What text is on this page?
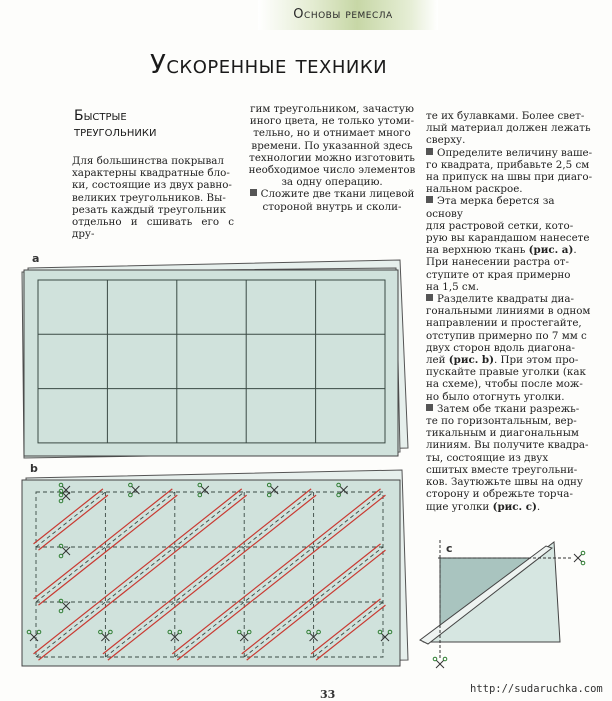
Основы ремесла
Ускоренные техники
Быстрые
треугольники

Для большинства покрывал

характерны квадратные бло-

ки, состоящие из двух равно-

великих треугольников. Вы-

резать каждый треугольник

отдельно и сшивать его с дру-

гим треугольником, зачастую

иного цвета, не только утоми-

тельно, но и отнимает много

времени. По указанной здесь

технологии можно изготовить

необходимое число элементов

за одну операцию.

Сложите две ткани лицевой

стороной внутрь и сколи-

те их булавками. Более свет-

лый материал должен лежать

сверху.

Определите величину ваше-

го квадрата, прибавьте 2,5 см

на припуск на швы при диаго-

нальном раскрое.

Эта мерка берется за основу

для растровой сетки, кото-

рую вы карандашом нанесете

на верхнюю ткань (рис. а).

При нанесении растра от-

ступите от края примерно

на 1,5 см.

Разделите квадраты диа-

гональными линиями в одном

направлении и простегайте,

отступив примерно по 7 мм с

двух сторон вдоль диагона-

лей (рис. b). При этом про-

пускайте правые уголки (как

на схеме), чтобы после мож-

но было отогнуть уголки.

Затем обе ткани разрежь-

те по горизонтальным, вер-

тикальным и диагональным

линиям. Вы получите квадра-

ты, состоящие из двух

сшитых вместе треугольни-

ков. Заутюжьте швы на одну

сторону и обрежьте торча-

щие уголки (рис. с).

a
b
c
33	http://sudaruchka.com
